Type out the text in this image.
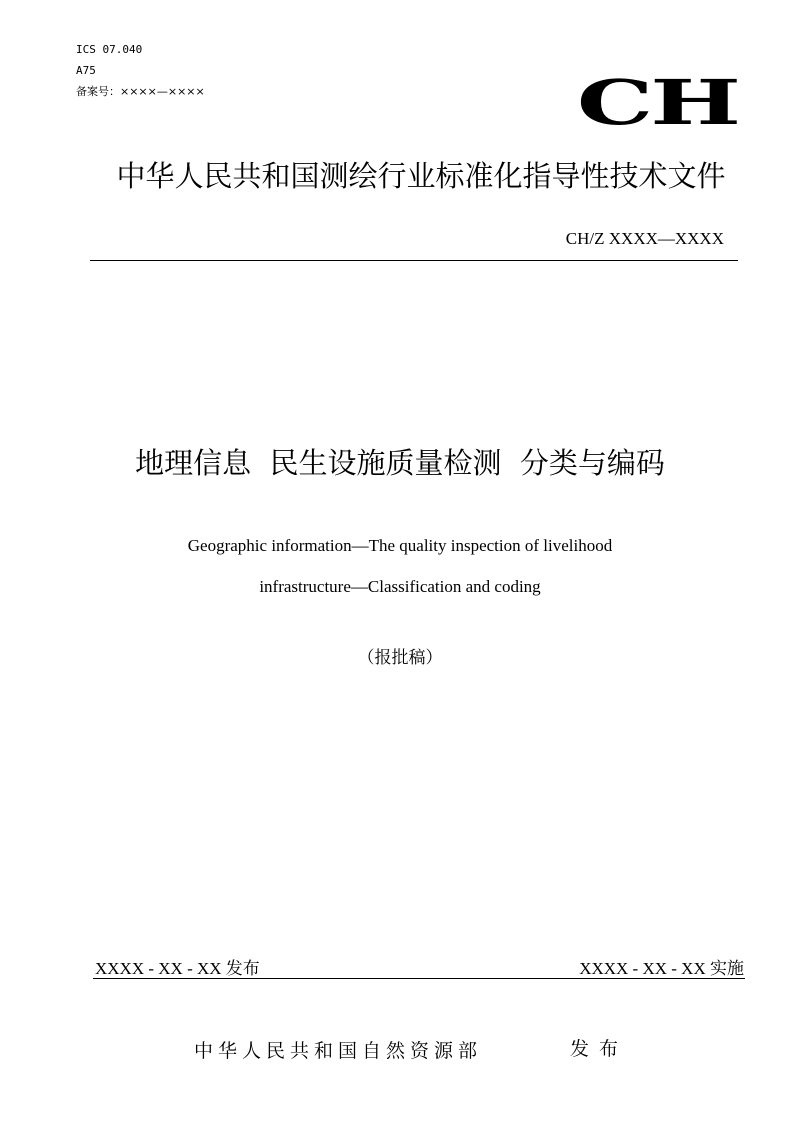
ICS 07.040
A75
备案号：××××—××××	CH
中华人民共和国测绘行业标准化指导性技术文件
CH/Z XXXX—XXXX
地理信息  民生设施质量检测  分类与编码
Geographic information—The quality inspection of livelihood
infrastructure—Classification and coding
（报批稿）
XXXX - XX - XX 发布	XXXX - XX - XX 实施
中华人民共和国自然资源部	发布
